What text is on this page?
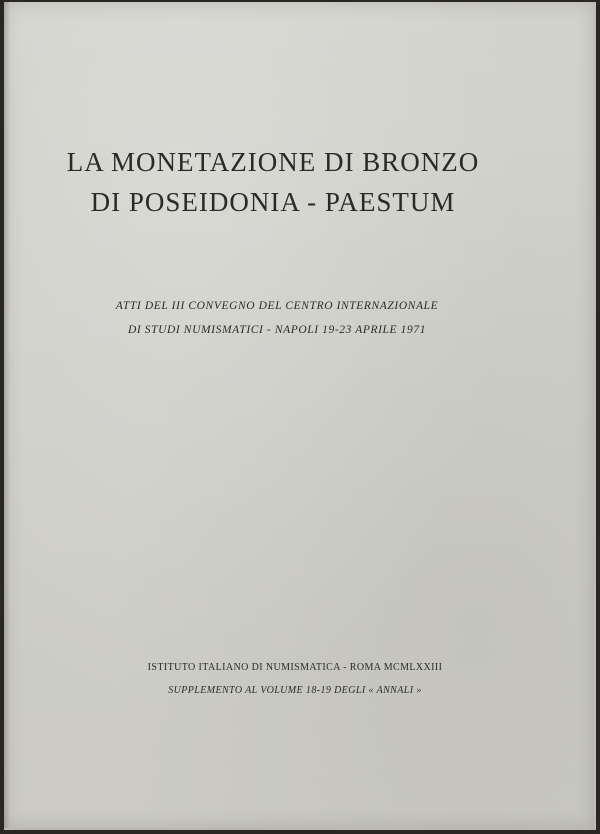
LA MONETAZIONE DI BRONZO
DI POSEIDONIA - PAESTUM
ATTI DEL III CONVEGNO DEL CENTRO INTERNAZIONALE
DI STUDI NUMISMATICI - NAPOLI 19-23 APRILE 1971
ISTITUTO ITALIANO DI NUMISMATICA - ROMA MCMLXXIII
SUPPLEMENTO AL VOLUME 18-19 DEGLI « ANNALI »
